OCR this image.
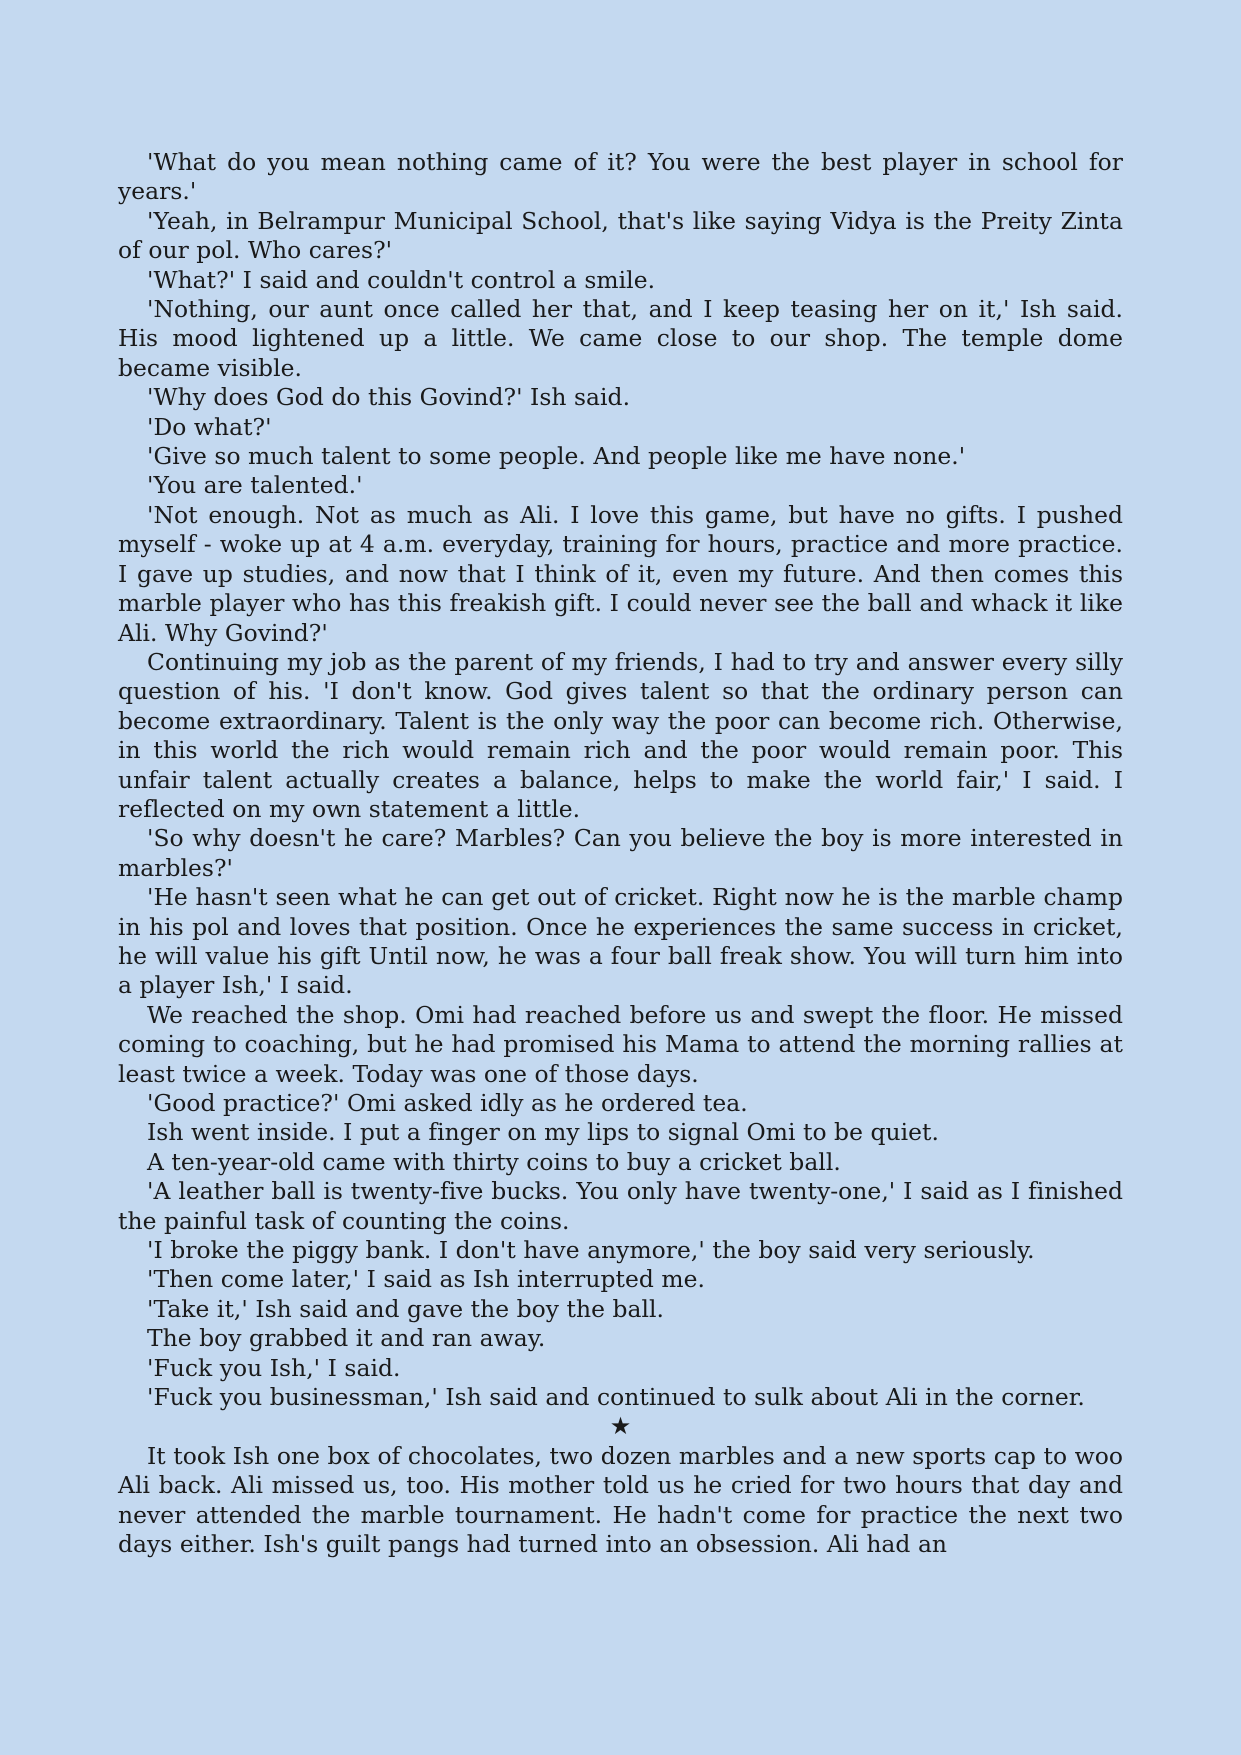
'What do you mean nothing came of it? You were the best player in school for years.'

'Yeah, in Belrampur Municipal School, that's like saying Vidya is the Preity Zinta of our pol. Who cares?'

'What?' I said and couldn't control a smile.

'Nothing, our aunt once called her that, and I keep teasing her on it,' Ish said. His mood lightened up a little. We came close to our shop. The temple dome became visible.

'Why does God do this Govind?' Ish said.

'Do what?'

'Give so much talent to some people. And people like me have none.'

'You are talented.'

'Not enough. Not as much as Ali. I love this game, but have no gifts. I pushed myself - woke up at 4 a.m. everyday, training for hours, practice and more practice. I gave up studies, and now that I think of it, even my future. And then comes this marble player who has this freakish gift. I could never see the ball and whack it like Ali. Why Govind?'

Continuing my job as the parent of my friends, I had to try and answer every silly question of his. 'I don't know. God gives talent so that the ordinary person can become extraordinary. Talent is the only way the poor can become rich. Otherwise, in this world the rich would remain rich and the poor would remain poor. This unfair talent actually creates a balance, helps to make the world fair,' I said. I reflected on my own statement a little.

'So why doesn't he care? Marbles? Can you believe the boy is more interested in marbles?'

'He hasn't seen what he can get out of cricket. Right now he is the marble champ in his pol and loves that position. Once he experiences the same success in cricket, he will value his gift Until now, he was a four ball freak show. You will turn him into a player Ish,' I said.

We reached the shop. Omi had reached before us and swept the floor. He missed coming to coaching, but he had promised his Mama to attend the morning rallies at least twice a week. Today was one of those days.

'Good practice?' Omi asked idly as he ordered tea.

Ish went inside. I put a finger on my lips to signal Omi to be quiet.

A ten-year-old came with thirty coins to buy a cricket ball.

'A leather ball is twenty-five bucks. You only have twenty-one,' I said as I finished the painful task of counting the coins.

'I broke the piggy bank. I don't have anymore,' the boy said very seriously.

'Then come later,' I said as Ish interrupted me.

'Take it,' Ish said and gave the boy the ball.

The boy grabbed it and ran away.

'Fuck you Ish,' I said.

'Fuck you businessman,' Ish said and continued to sulk about Ali in the corner.

★

It took Ish one box of chocolates, two dozen marbles and a new sports cap to woo Ali back. Ali missed us, too. His mother told us he cried for two hours that day and never attended the marble tournament. He hadn't come for practice the next two days either. Ish's guilt pangs had turned into an obsession. Ali had an
